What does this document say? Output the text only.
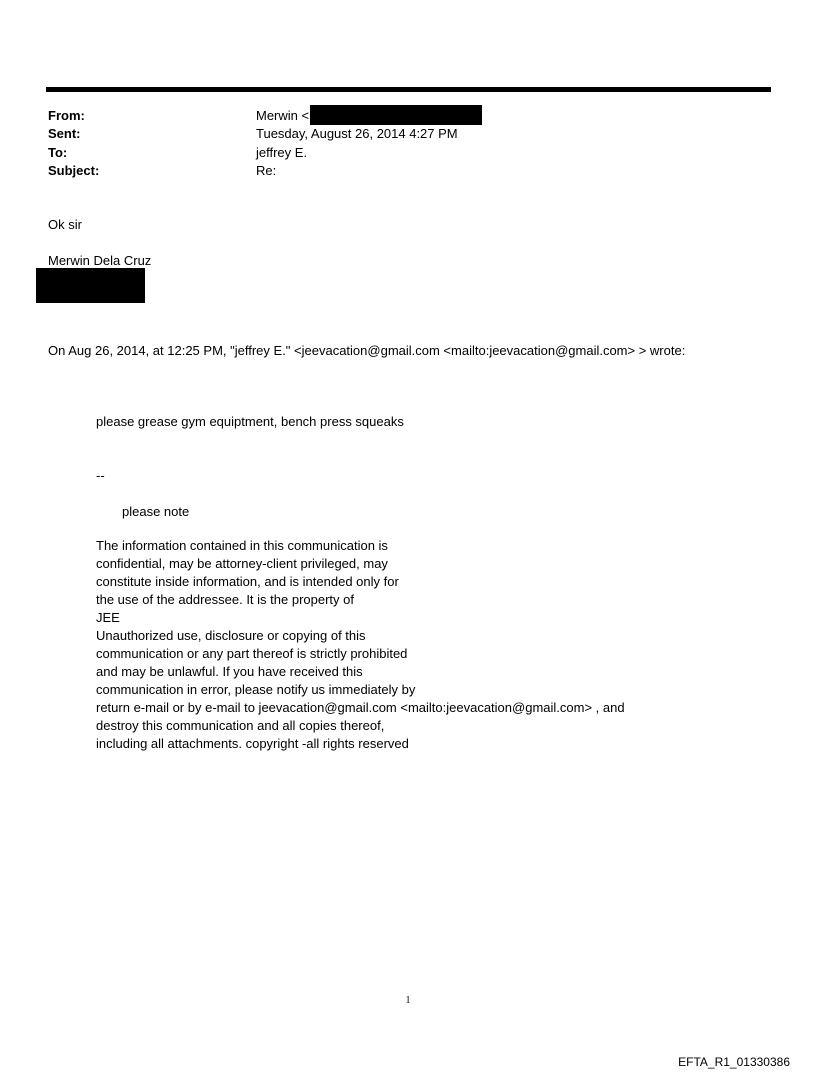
From:	Merwin <
Sent:	Tuesday, August 26, 2014 4:27 PM
To:	jeffrey E.
Subject:	Re:
Ok sir
Merwin Dela Cruz
On Aug 26, 2014, at 12:25 PM, "jeffrey E." <jeevacation@gmail.com <mailto:jeevacation@gmail.com> > wrote:
please grease gym equiptment, bench press squeaks
--
please note
The information contained in this communication is
confidential, may be attorney-client privileged, may
constitute inside information, and is intended only for
the use of the addressee. It is the property of
JEE
Unauthorized use, disclosure or copying of this
communication or any part thereof is strictly prohibited
and may be unlawful. If you have received this
communication in error, please notify us immediately by
return e-mail or by e-mail to jeevacation@gmail.com <mailto:jeevacation@gmail.com> , and
destroy this communication and all copies thereof,
including all attachments. copyright -all rights reserved
1
EFTA_R1_01330386
